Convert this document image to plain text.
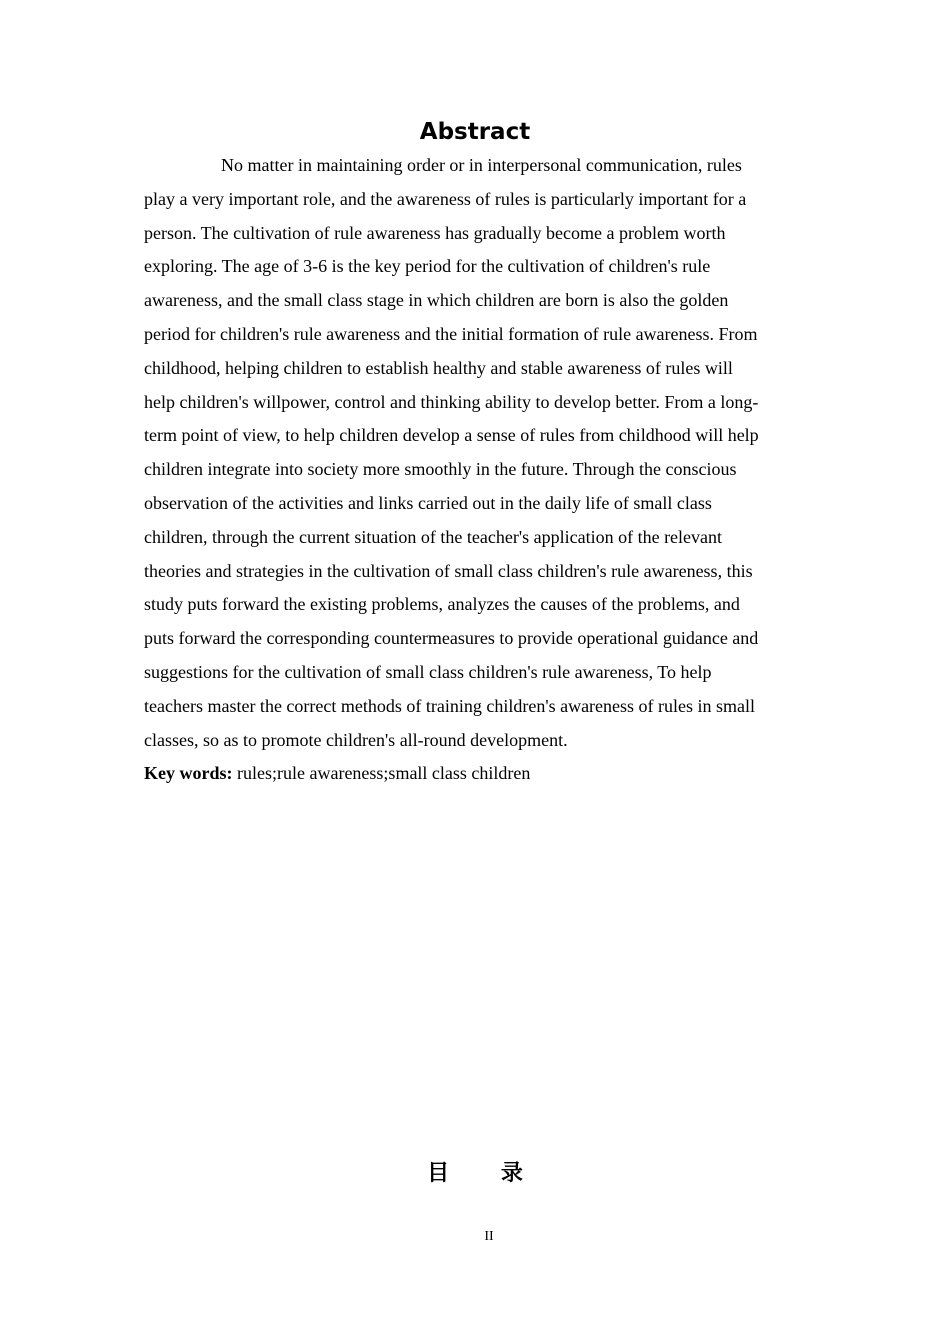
Abstract
No matter in maintaining order or in interpersonal communication, rules
play a very important role, and the awareness of rules is particularly important for a
person. The cultivation of rule awareness has gradually become a problem worth
exploring. The age of 3-6 is the key period for the cultivation of children's rule
awareness, and the small class stage in which children are born is also the golden
period for children's rule awareness and the initial formation of rule awareness. From
childhood, helping children to establish healthy and stable awareness of rules will
help children's willpower, control and thinking ability to develop better. From a long-
term point of view, to help children develop a sense of rules from childhood will help
children integrate into society more smoothly in the future. Through the conscious
observation of the activities and links carried out in the daily life of small class
children, through the current situation of the teacher's application of the relevant
theories and strategies in the cultivation of small class children's rule awareness, this
study puts forward the existing problems, analyzes the causes of the problems, and
puts forward the corresponding countermeasures to provide operational guidance and
suggestions for the cultivation of small class children's rule awareness, To help
teachers master the correct methods of training children's awareness of rules in small
classes, so as to promote children's all-round development.

Key words: rules;rule awareness;small class children

目 录
II
